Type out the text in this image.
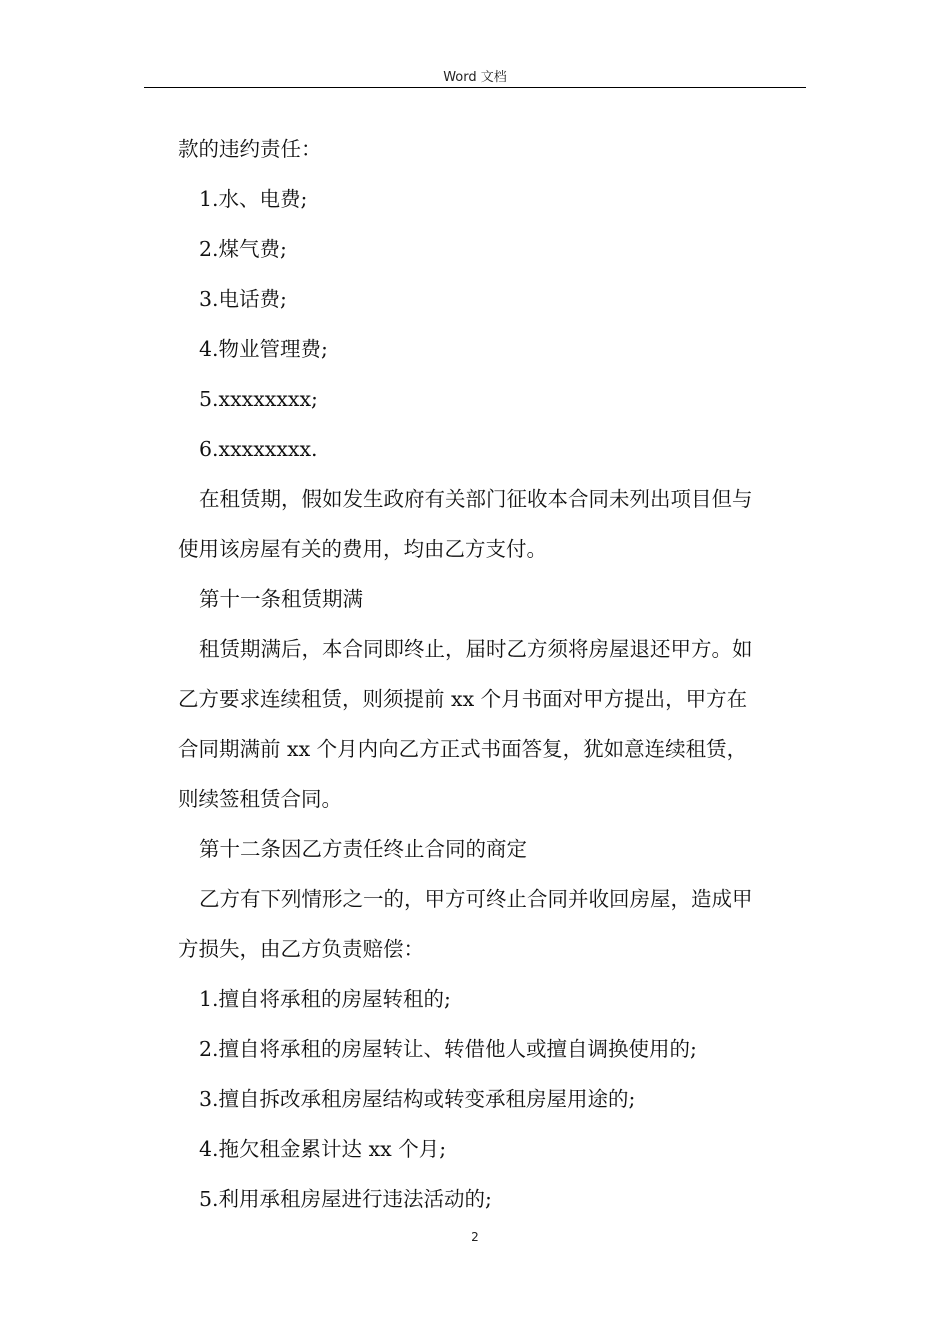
Word 文档
款的违约责任：
1.水、电费;
2.煤气费;
3.电话费;
4.物业管理费;
5.xxxxxxxx;
6.xxxxxxxx.
在租赁期，假如发生政府有关部门征收本合同未列出项目但与
使用该房屋有关的费用，均由乙方支付。
第十一条租赁期满
租赁期满后，本合同即终止，届时乙方须将房屋退还甲方。如
乙方要求连续租赁，则须提前 xx 个月书面对甲方提出，甲方在
合同期满前 xx 个月内向乙方正式书面答复，犹如意连续租赁，
则续签租赁合同。
第十二条因乙方责任终止合同的商定
乙方有下列情形之一的，甲方可终止合同并收回房屋，造成甲
方损失，由乙方负责赔偿：
1.擅自将承租的房屋转租的;
2.擅自将承租的房屋转让、转借他人或擅自调换使用的;
3.擅自拆改承租房屋结构或转变承租房屋用途的;
4.拖欠租金累计达 xx 个月;
5.利用承租房屋进行违法活动的;
2
